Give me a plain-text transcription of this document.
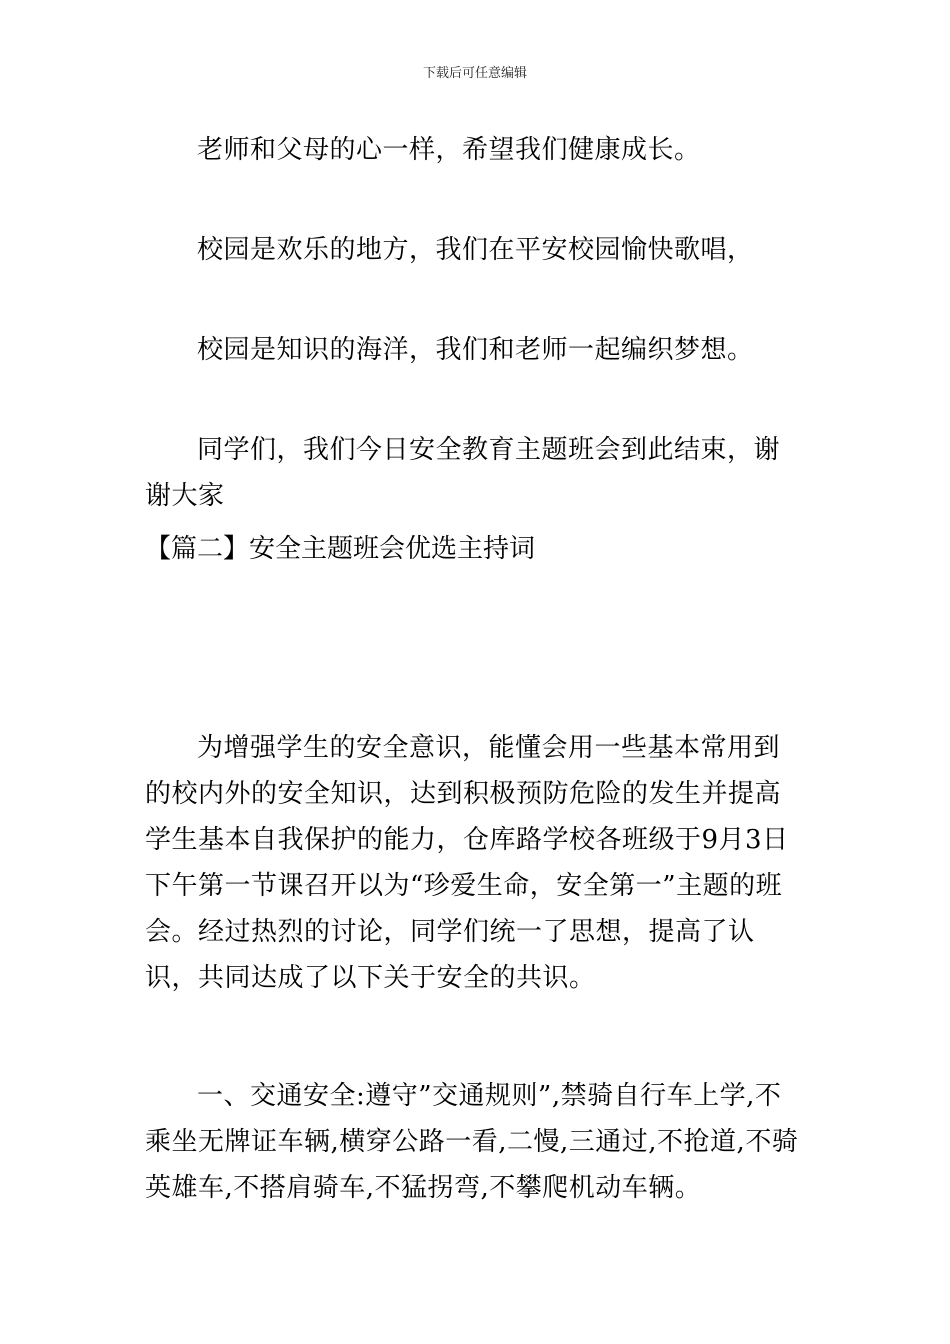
下载后可任意编辑

老师和父母的心一样，希望我们健康成长。

校园是欢乐的地方，我们在平安校园愉快歌唱，

校园是知识的海洋，我们和老师一起编织梦想。

同学们，我们今日安全教育主题班会到此结束，谢谢大家

【篇二】安全主题班会优选主持词

为增强学生的安全意识，能懂会用一些基本常用到的校内外的安全知识，达到积极预防危险的发生并提高学生基本自我保护的能力，仓库路学校各班级于9月3日下午第一节课召开以为“珍爱生命，安全第一”主题的班会。经过热烈的讨论，同学们统一了思想，提高了认识，共同达成了以下关于安全的共识。

一、交通安全:遵守”交通规则”,禁骑自行车上学,不乘坐无牌证车辆,横穿公路一看,二慢,三通过,不抢道,不骑英雄车,不搭肩骑车,不猛拐弯,不攀爬机动车辆。
